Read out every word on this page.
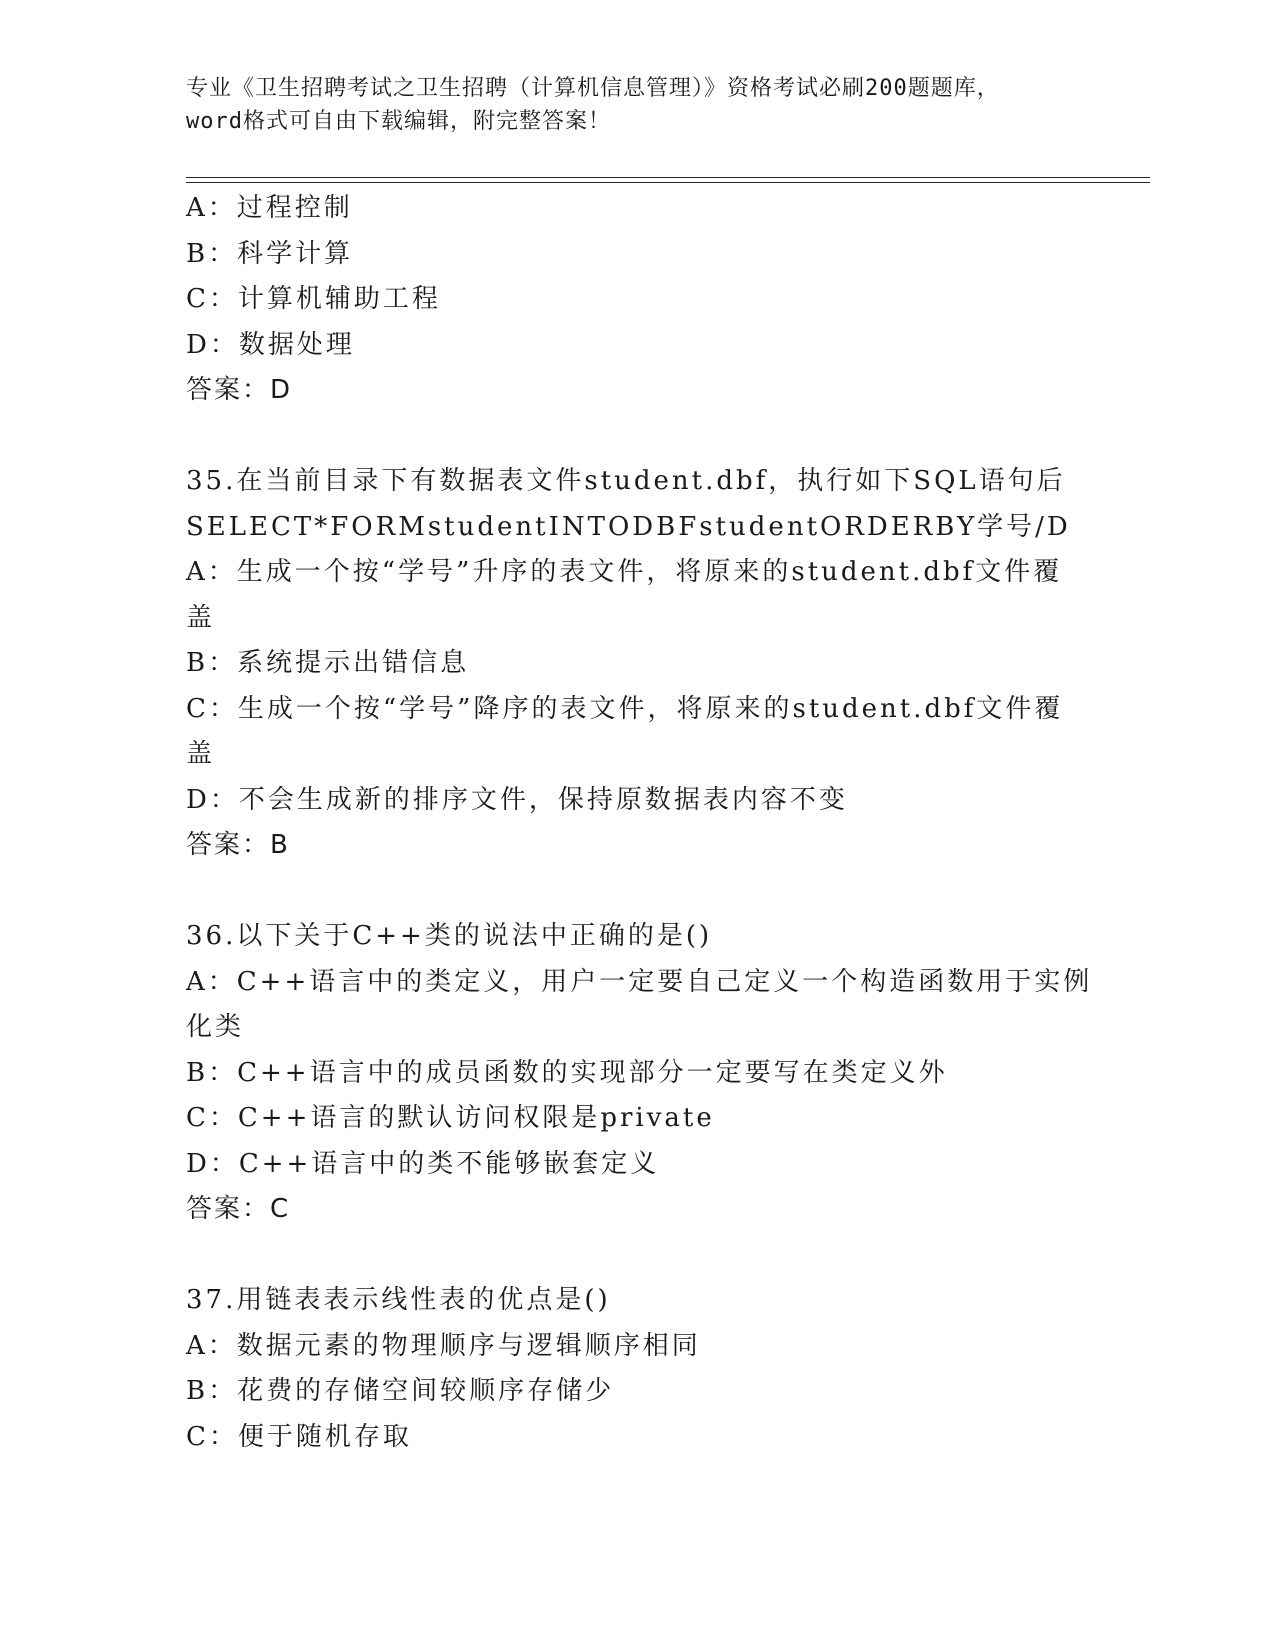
专业《卫生招聘考试之卫生招聘（计算机信息管理）》资格考试必刷200题题库，
word格式可自由下载编辑，附完整答案！
A：过程控制
B：科学计算
C：计算机辅助工程
D：数据处理
答案：D
35.在当前目录下有数据表文件student.dbf，执行如下SQL语句后
SELECT*FORMstudentINTODBFstudentORDERBY学号/D
A：生成一个按“学号”升序的表文件，将原来的student.dbf文件覆
盖
B：系统提示出错信息
C：生成一个按“学号”降序的表文件，将原来的student.dbf文件覆
盖
D：不会生成新的排序文件，保持原数据表内容不变
答案：B
36.以下关于C++类的说法中正确的是()
A：C++语言中的类定义，用户一定要自己定义一个构造函数用于实例
化类
B：C++语言中的成员函数的实现部分一定要写在类定义外
C：C++语言的默认访问权限是private
D：C++语言中的类不能够嵌套定义
答案：C
37.用链表表示线性表的优点是()
A：数据元素的物理顺序与逻辑顺序相同
B：花费的存储空间较顺序存储少
C：便于随机存取
